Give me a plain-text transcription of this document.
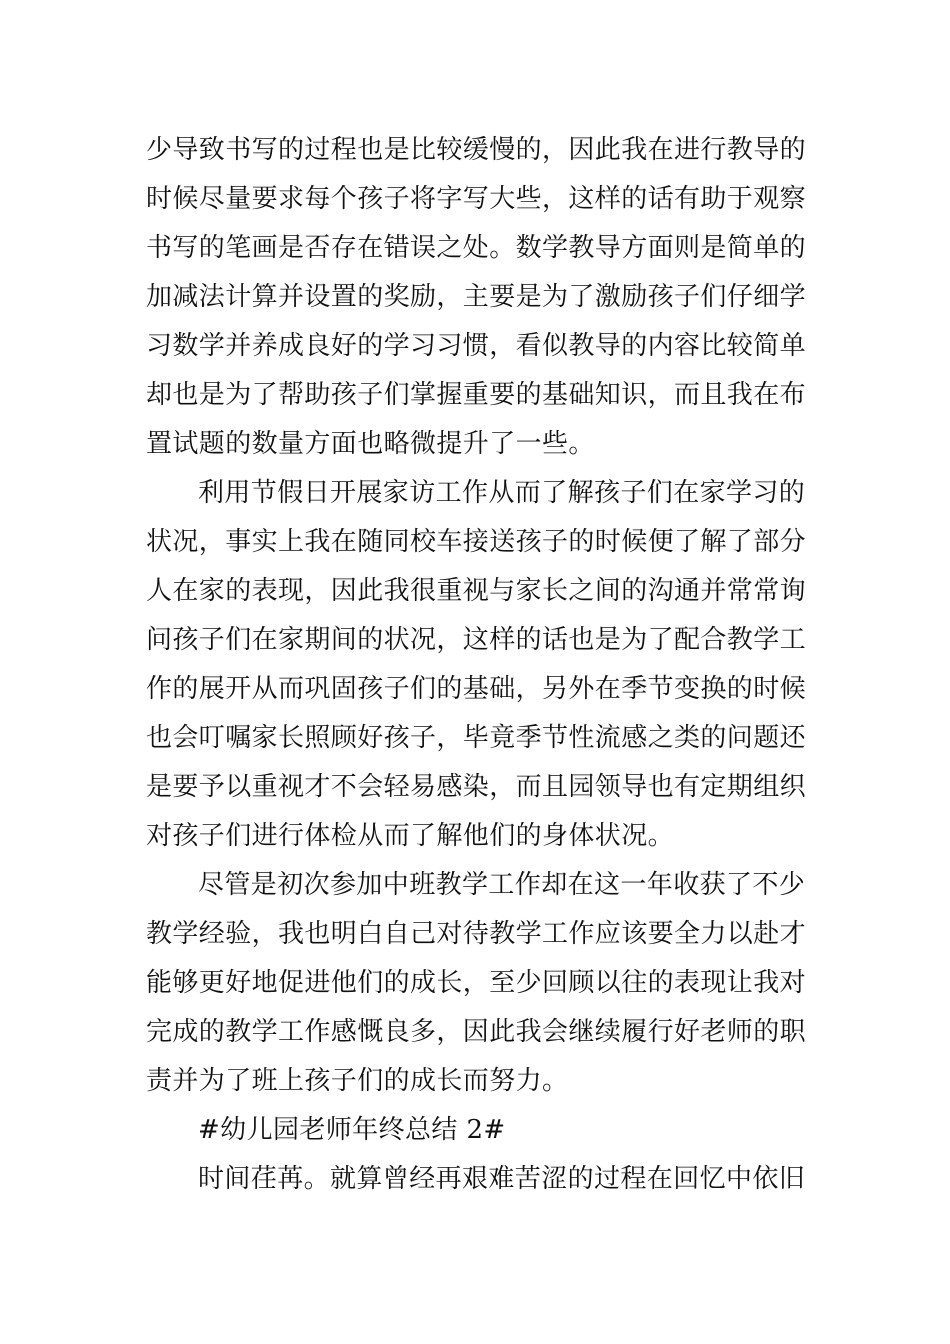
少导致书写的过程也是比较缓慢的，因此我在进行教导的
时候尽量要求每个孩子将字写大些，这样的话有助于观察
书写的笔画是否存在错误之处。数学教导方面则是简单的
加减法计算并设置的奖励，主要是为了激励孩子们仔细学
习数学并养成良好的学习习惯，看似教导的内容比较简单
却也是为了帮助孩子们掌握重要的基础知识，而且我在布
置试题的数量方面也略微提升了一些。
利用节假日开展家访工作从而了解孩子们在家学习的
状况，事实上我在随同校车接送孩子的时候便了解了部分
人在家的表现，因此我很重视与家长之间的沟通并常常询
问孩子们在家期间的状况，这样的话也是为了配合教学工
作的展开从而巩固孩子们的基础，另外在季节变换的时候
也会叮嘱家长照顾好孩子，毕竟季节性流感之类的问题还
是要予以重视才不会轻易感染，而且园领导也有定期组织
对孩子们进行体检从而了解他们的身体状况。
尽管是初次参加中班教学工作却在这一年收获了不少
教学经验，我也明白自己对待教学工作应该要全力以赴才
能够更好地促进他们的成长，至少回顾以往的表现让我对
完成的教学工作感慨良多，因此我会继续履行好老师的职
责并为了班上孩子们的成长而努力。
#幼儿园老师年终总结 2#
时间荏苒。就算曾经再艰难苦涩的过程在回忆中依旧
